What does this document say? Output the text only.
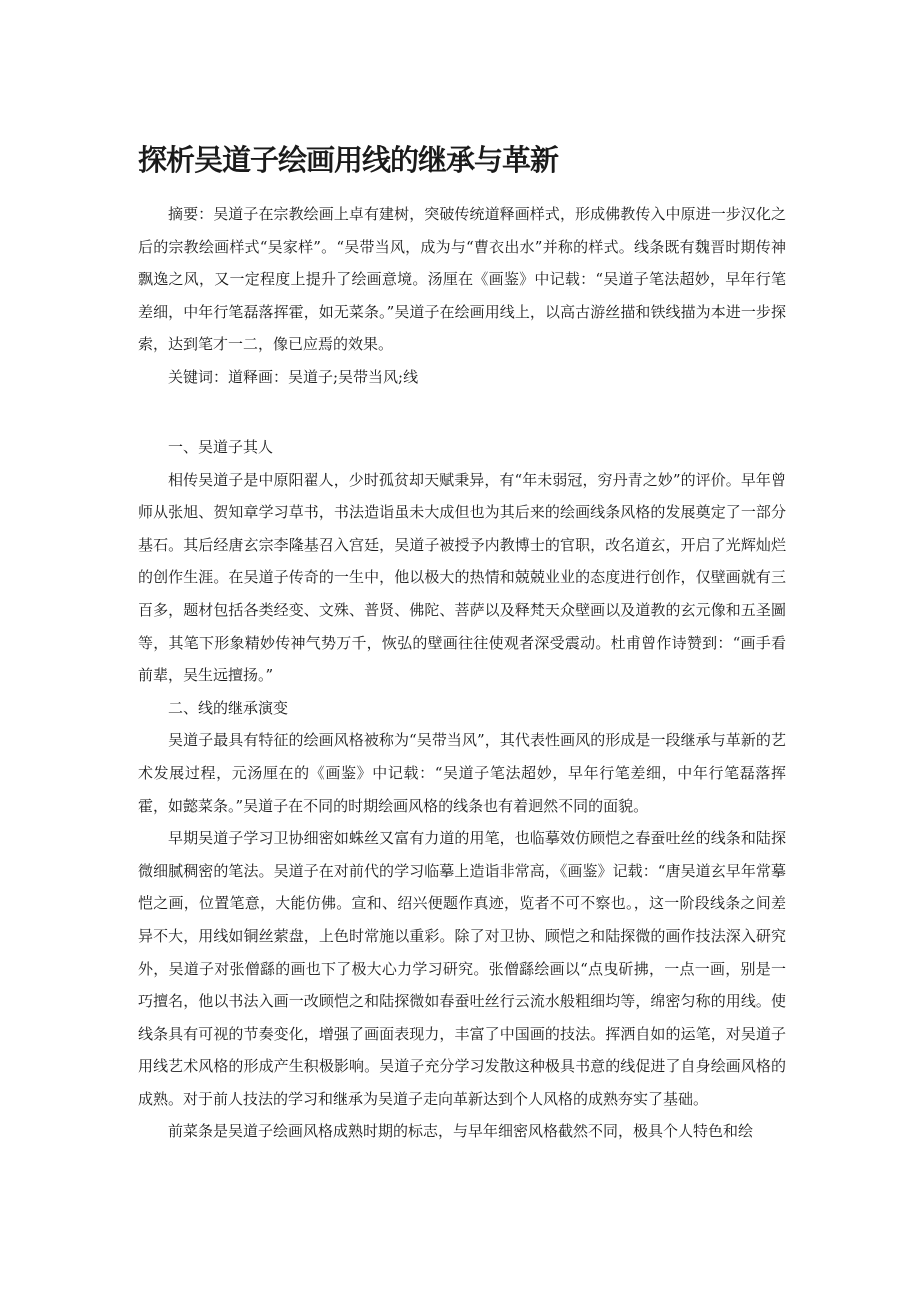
探析吴道子绘画用线的继承与革新

摘要：吴道子在宗教绘画上卓有建树，突破传统道释画样式，形成佛教传入中原进一步汉化之后的宗教绘画样式“吴家样”。“吴带当风，成为与“曹衣出水”并称的样式。线条既有魏晋时期传神飘逸之风，又一定程度上提升了绘画意境。汤厘在《画鉴》中记载：“吴道子笔法超妙，早年行笔差细，中年行笔磊落挥霍，如无菜条。”吴道子在绘画用线上，以高古游丝描和铁线描为本进一步探索，达到笔才一二，像已应焉的效果。

关键词：道释画：吴道子;吴带当风;线

一、吴道子其人

相传吴道子是中原阳翟人，少时孤贫却天赋秉异，有“年未弱冠，穷丹青之妙”的评价。早年曾师从张旭、贺知章学习草书，书法造诣虽未大成但也为其后来的绘画线条风格的发展奠定了一部分基石。其后经唐玄宗李隆基召入宫廷，吴道子被授予内教博士的官职，改名道玄，开启了光辉灿烂的创作生涯。在吴道子传奇的一生中，他以极大的热情和兢兢业业的态度进行创作，仅壁画就有三百多，题材包括各类经变、文殊、普贤、佛陀、菩萨以及释梵天众壁画以及道教的玄元像和五圣圖等，其笔下形象精妙传神气势万千，恢弘的壁画往往使观者深受震动。杜甫曾作诗赞到：“画手看前辈，吴生远擅扬。”

二、线的继承演变

吴道子最具有特征的绘画风格被称为“吴带当风”，其代表性画风的形成是一段继承与革新的艺术发展过程，元汤厘在的《画鉴》中记载：“吴道子笔法超妙，早年行笔差细，中年行笔磊落挥霍，如懿菜条。”吴道子在不同的时期绘画风格的线条也有着迥然不同的面貌。

早期吴道子学习卫协细密如蛛丝又富有力道的用笔，也临摹效仿顾恺之春蚕吐丝的线条和陆探微细腻稠密的笔法。吴道子在对前代的学习临摹上造诣非常高，《画鉴》记载：“唐吴道玄早年常摹恺之画，位置笔意，大能仿佛。宣和、绍兴便题作真迹，览者不可不察也。，这一阶段线条之间差异不大，用线如铜丝萦盘，上色时常施以重彩。除了对卫协、顾恺之和陆探微的画作技法深入研究外，吴道子对张僧繇的画也下了极大心力学习研究。张僧繇绘画以“点曳斫拂，一点一画，别是一巧擅名，他以书法入画一改顾恺之和陆探微如春蚕吐丝行云流水般粗细均等，绵密匀称的用线。使线条具有可视的节奏变化，增强了画面表现力，丰富了中国画的技法。挥洒自如的运笔，对吴道子用线艺术风格的形成产生积极影响。吴道子充分学习发散这种极具书意的线促进了自身绘画风格的成熟。对于前人技法的学习和继承为吴道子走向革新达到个人风格的成熟夯实了基础。

前菜条是吴道子绘画风格成熟时期的标志，与早年细密风格截然不同，极具个人特色和绘
